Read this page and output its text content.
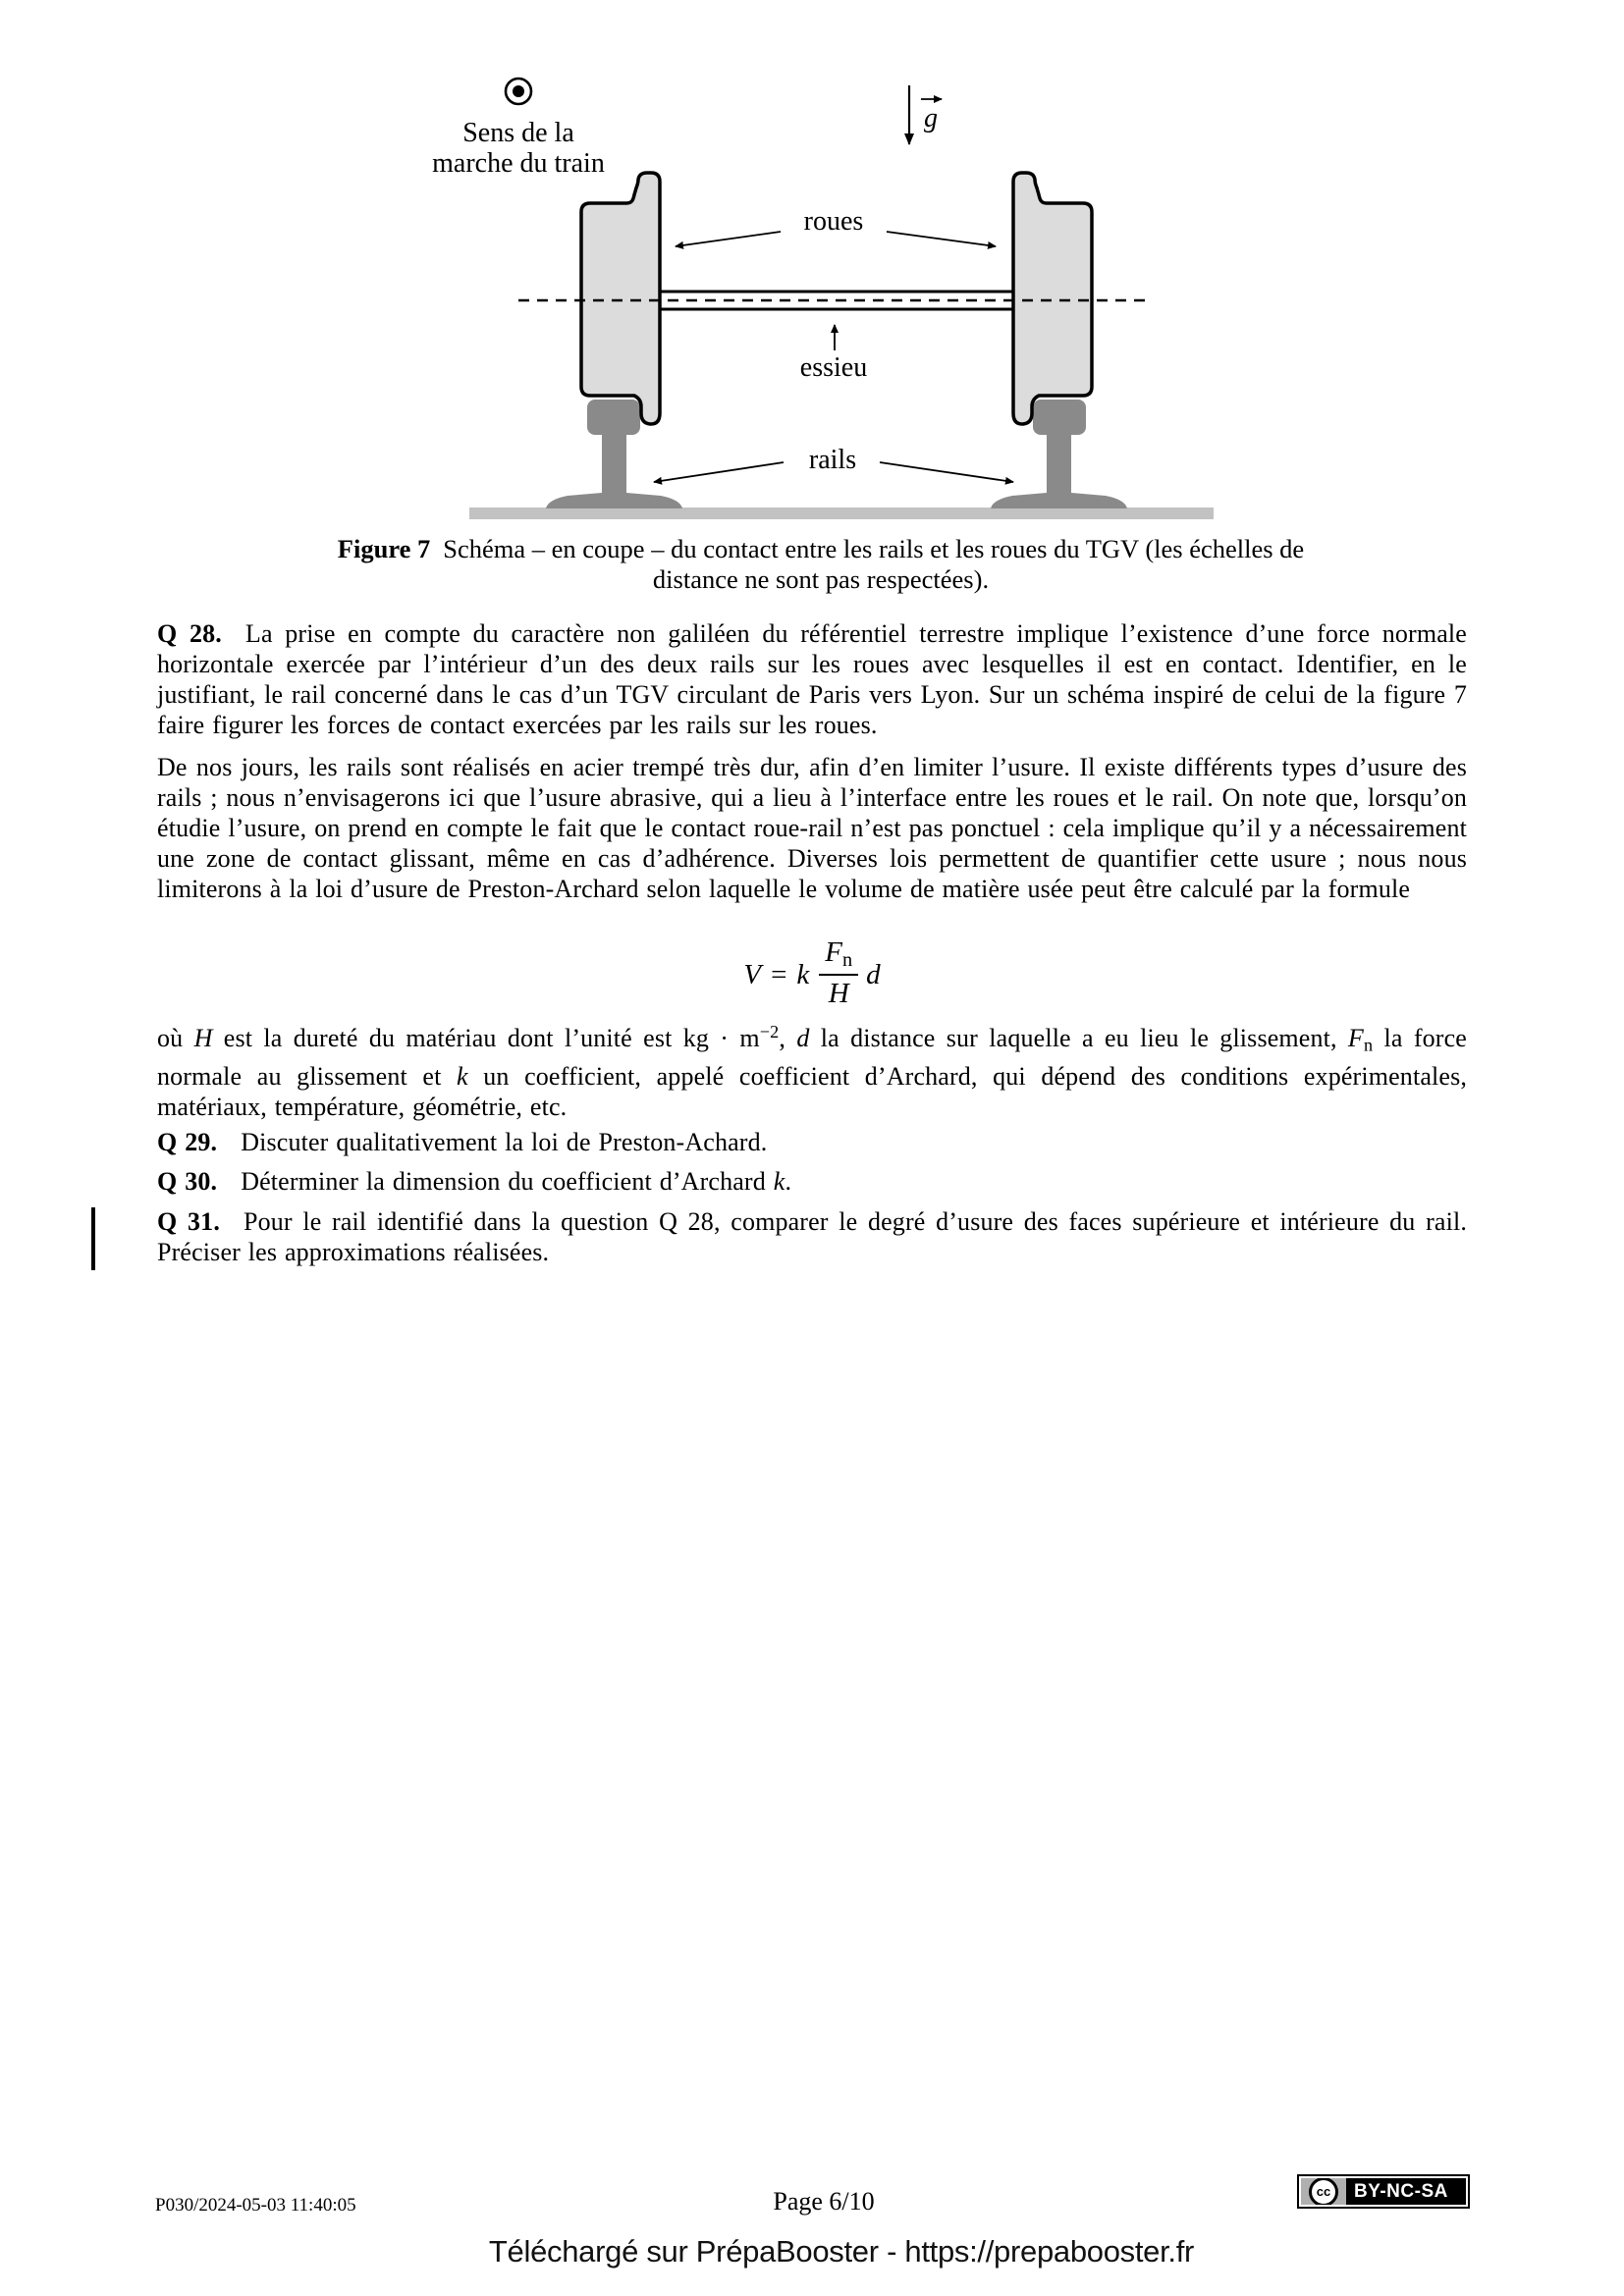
Sens de la
marche du train
g
roues
essieu
rails
Figure 7 Schéma – en coupe – du contact entre les rails et les roues du TGV (les échelles de distance ne sont pas respectées).
Q 28. La prise en compte du caractère non galiléen du référentiel terrestre implique l’existence d’une force normale horizontale exercée par l’intérieur d’un des deux rails sur les roues avec lesquelles il est en contact. Identifier, en le justifiant, le rail concerné dans le cas d’un TGV circulant de Paris vers Lyon. Sur un schéma inspiré de celui de la figure 7 faire figurer les forces de contact exercées par les rails sur les roues.
De nos jours, les rails sont réalisés en acier trempé très dur, afin d’en limiter l’usure. Il existe différents types d’usure des rails ; nous n’envisagerons ici que l’usure abrasive, qui a lieu à l’interface entre les roues et le rail. On note que, lorsqu’on étudie l’usure, on prend en compte le fait que le contact roue-rail n’est pas ponctuel : cela implique qu’il y a nécessairement une zone de contact glissant, même en cas d’adhérence. Diverses lois permettent de quantifier cette usure ; nous nous limiterons à la loi d’usure de Preston-Archard selon laquelle le volume de matière usée peut être calculé par la formule
V = k $\frac{Fn}{H}$ d
où H est la dureté du matériau dont l’unité est kg · $m^{-2}$, d la distance sur laquelle a eu lieu le glissement, Fn la force normale au glissement et k un coefficient, appelé coefficient d’Archard, qui dépend des conditions expérimentales, matériaux, température, géométrie, etc.
Q 29. Discuter qualitativement la loi de Preston-Achard.
Q 30. Déterminer la dimension du coefficient d’Archard k.
Q 31. Pour le rail identifié dans la question Q 28, comparer le degré d’usure des faces supérieure et intérieure du rail. Préciser les approximations réalisées.
P030/2024-05-03 11:40:05	Page 6/10	cc	BY-NC-SA
Téléchargé sur PrépaBooster - https://prepabooster.fr
